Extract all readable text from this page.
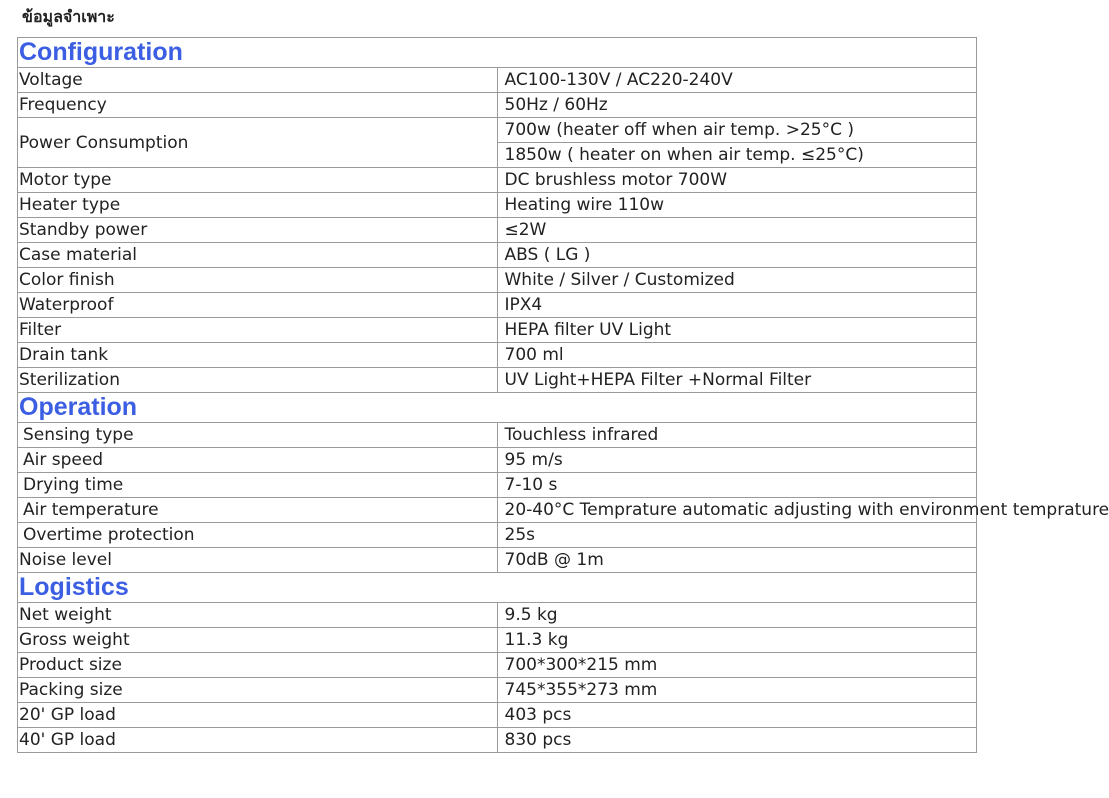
ข้อมูลจำเพาะ
Configuration	
Voltage	AC100-130V / AC220-240V
Frequency	50Hz / 60Hz
Power Consumption	700w (heater off when air temp. >25°C )
	1850w ( heater on when air temp. ≤25°C)
Motor type	DC brushless motor 700W
Heater type	Heating wire 110w
Standby power	≤2W
Case material	ABS ( LG )
Color finish	White / Silver / Customized
Waterproof	IPX4
Filter	HEPA filter UV Light
Drain tank	700 ml
Sterilization	UV Light+HEPA Filter +Normal Filter
Operation	
Sensing type	Touchless infrared
Air speed	95 m/s
Drying time	7-10 s
Air temperature	20-40°C Temprature automatic adjusting with environment temprature
Overtime protection	25s
Noise level	70dB @ 1m
Logistics	
Net weight	9.5 kg
Gross weight	11.3 kg
Product size	700*300*215 mm
Packing size	745*355*273 mm
20' GP load	403 pcs
40' GP load	830 pcs
